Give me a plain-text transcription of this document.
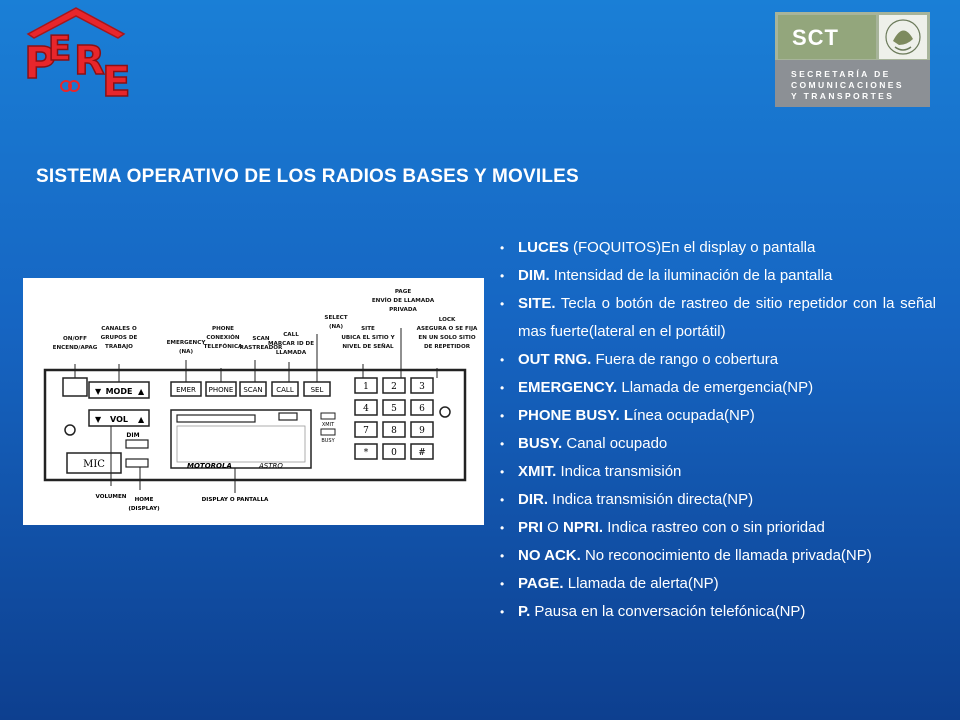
P
E R
E
SCT
SECRETARÍA DE
COMUNICACIONES
Y TRANSPORTES
SISTEMA OPERATIVO DE LOS RADIOS BASES Y MOVILES
▼	▲
▼	▲
MODE
VOL
DIM
MIC
EMER PHONE SCAN CALL SEL
MOTOROLA	ASTRO
XMIT
BUSY
1 2 3
4 5 6
7 8 9
*	0 #
ON/OFF
ENCEND/APAG
CANALES O
GRUPOS DE
TRABAJO
EMERGENCY
(NA)
PHONE
CONEXIÓN
TELEFÓNICA
SCAN
RASTREADOR
CALL
MARCAR ID DE
LLAMADA
SELECT
(NA)	SITE
UBICA EL SITIO Y
NIVEL DE SEÑAL
PAGE
ENVÍO DE LLAMADA
PRIVADA
LOCK
ASEGURA O SE FIJA
EN UN SOLO SITIO
DE REPETIDOR
VOLUMEN HOME
(DISPLAY)
DISPLAY O PANTALLA
• LUCES (FOQUITOS)En el display o pantalla
• DIM. Intensidad de la iluminación de la pantalla
• SITE. Tecla o botón de rastreo de sitio repetidor con la señal mas fuerte(lateral en el portátil)
• OUT RNG. Fuera de rango o cobertura
• EMERGENCY. Llamada de emergencia(NP)
• PHONE BUSY. Línea ocupada(NP)
• BUSY. Canal ocupado
• XMIT. Indica transmisión
• DIR. Indica transmisión directa(NP)
• PRI O NPRI. Indica rastreo con o sin prioridad
• NO ACK. No reconocimiento de llamada privada(NP)
• PAGE. Llamada de alerta(NP)
• P. Pausa en la conversación telefónica(NP)
